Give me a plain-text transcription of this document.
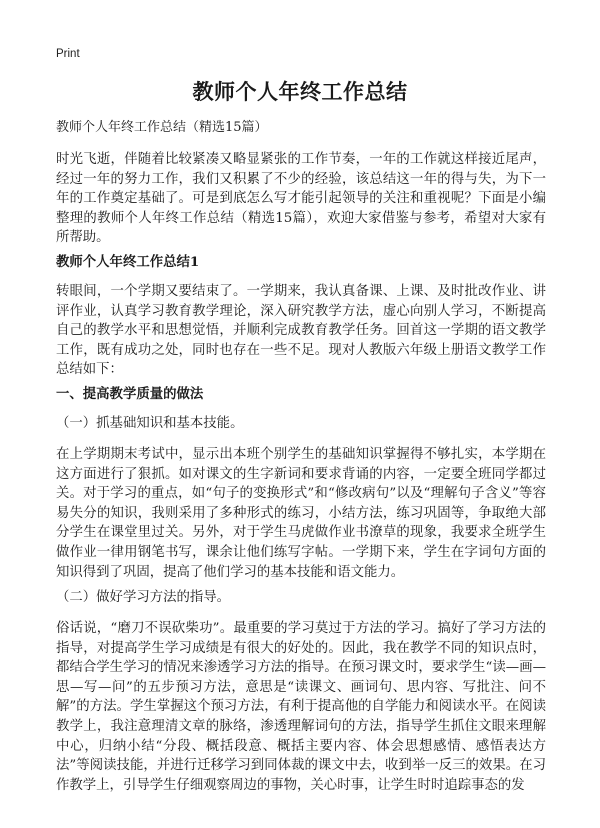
Print
教师个人年终工作总结

教师个人年终工作总结（精选15篇）

时光飞逝，伴随着比较紧凑又略显紧张的工作节奏，一年的工作就这样接近尾声，经过一年的努力工作，我们又积累了不少的经验，该总结这一年的得与失，为下一年的工作奠定基础了。可是到底怎么写才能引起领导的关注和重视呢？下面是小编整理的教师个人年终工作总结（精选15篇），欢迎大家借鉴与参考，希望对大家有所帮助。

教师个人年终工作总结1

转眼间，一个学期又要结束了。一学期来，我认真备课、上课、及时批改作业、讲评作业，认真学习教育教学理论，深入研究教学方法，虚心向别人学习，不断提高自己的教学水平和思想觉悟，并顺利完成教育教学任务。回首这一学期的语文教学工作，既有成功之处，同时也存在一些不足。现对人教版六年级上册语文教学工作总结如下：

一、提高教学质量的做法

（一）抓基础知识和基本技能。

在上学期期末考试中，显示出本班个别学生的基础知识掌握得不够扎实，本学期在这方面进行了狠抓。如对课文的生字新词和要求背诵的内容，一定要全班同学都过关。对于学习的重点，如“句子的变换形式”和“修改病句”以及“理解句子含义”等容易失分的知识，我则采用了多种形式的练习，小结方法，练习巩固等，争取绝大部分学生在课堂里过关。另外，对于学生马虎做作业书潦草的现象，我要求全班学生做作业一律用钢笔书写，课余让他们练写字帖。一学期下来，学生在字词句方面的知识得到了巩固，提高了他们学习的基本技能和语文能力。

（二）做好学习方法的指导。

俗话说，“磨刀不误砍柴功”。最重要的学习莫过于方法的学习。搞好了学习方法的指导，对提高学生学习成绩是有很大的好处的。因此，我在教学不同的知识点时，都结合学生学习的情况来渗透学习方法的指导。在预习课文时，要求学生“读—画—思—写—问”的五步预习方法，意思是“读课文、画词句、思内容、写批注、问不解”的方法。学生掌握这个预习方法，有利于提高他的自学能力和阅读水平。在阅读教学上，我注意理清文章的脉络，渗透理解词句的方法，指导学生抓住文眼来理解中心，归纳小结“分段、概括段意、概括主要内容、体会思想感情、感悟表达方法”等阅读技能，并进行迁移学习到同体裁的课文中去，收到举一反三的效果。在习作教学上，引导学生仔细观察周边的事物，关心时事，让学生时时追踪事态的发
